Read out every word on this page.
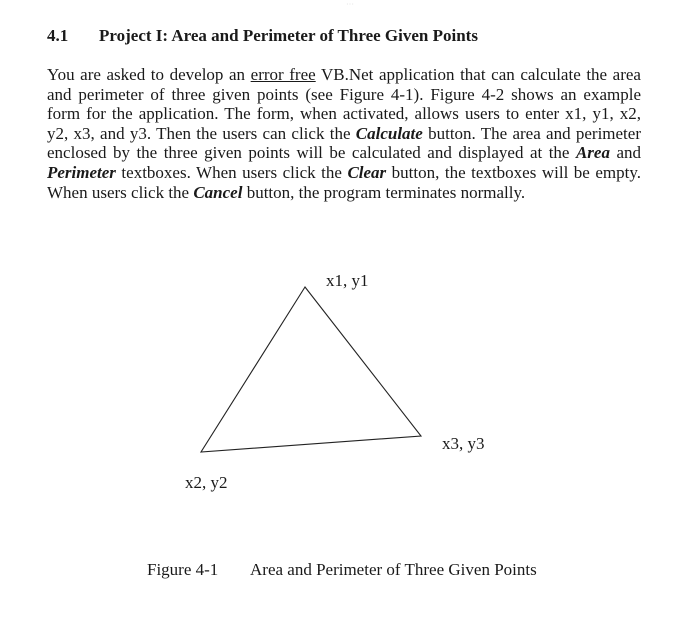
···
4.1 Project I: Area and Perimeter of Three Given Points
You are asked to develop an error free VB.Net application that can calculate the area and perimeter of three given points (see Figure 4-1). Figure 4-2 shows an example form for the application. The form, when activated, allows users to enter x1, y1, x2, y2, x3, and y3. Then the users can click the Calculate button. The area and perimeter enclosed by the three given points will be calculated and displayed at the Area and Perimeter textboxes. When users click the Clear button, the textboxes will be empty. When users click the Cancel button, the program terminates normally.
x1, y1
x3, y3
x2, y2
Figure 4-1 Area and Perimeter of Three Given Points
